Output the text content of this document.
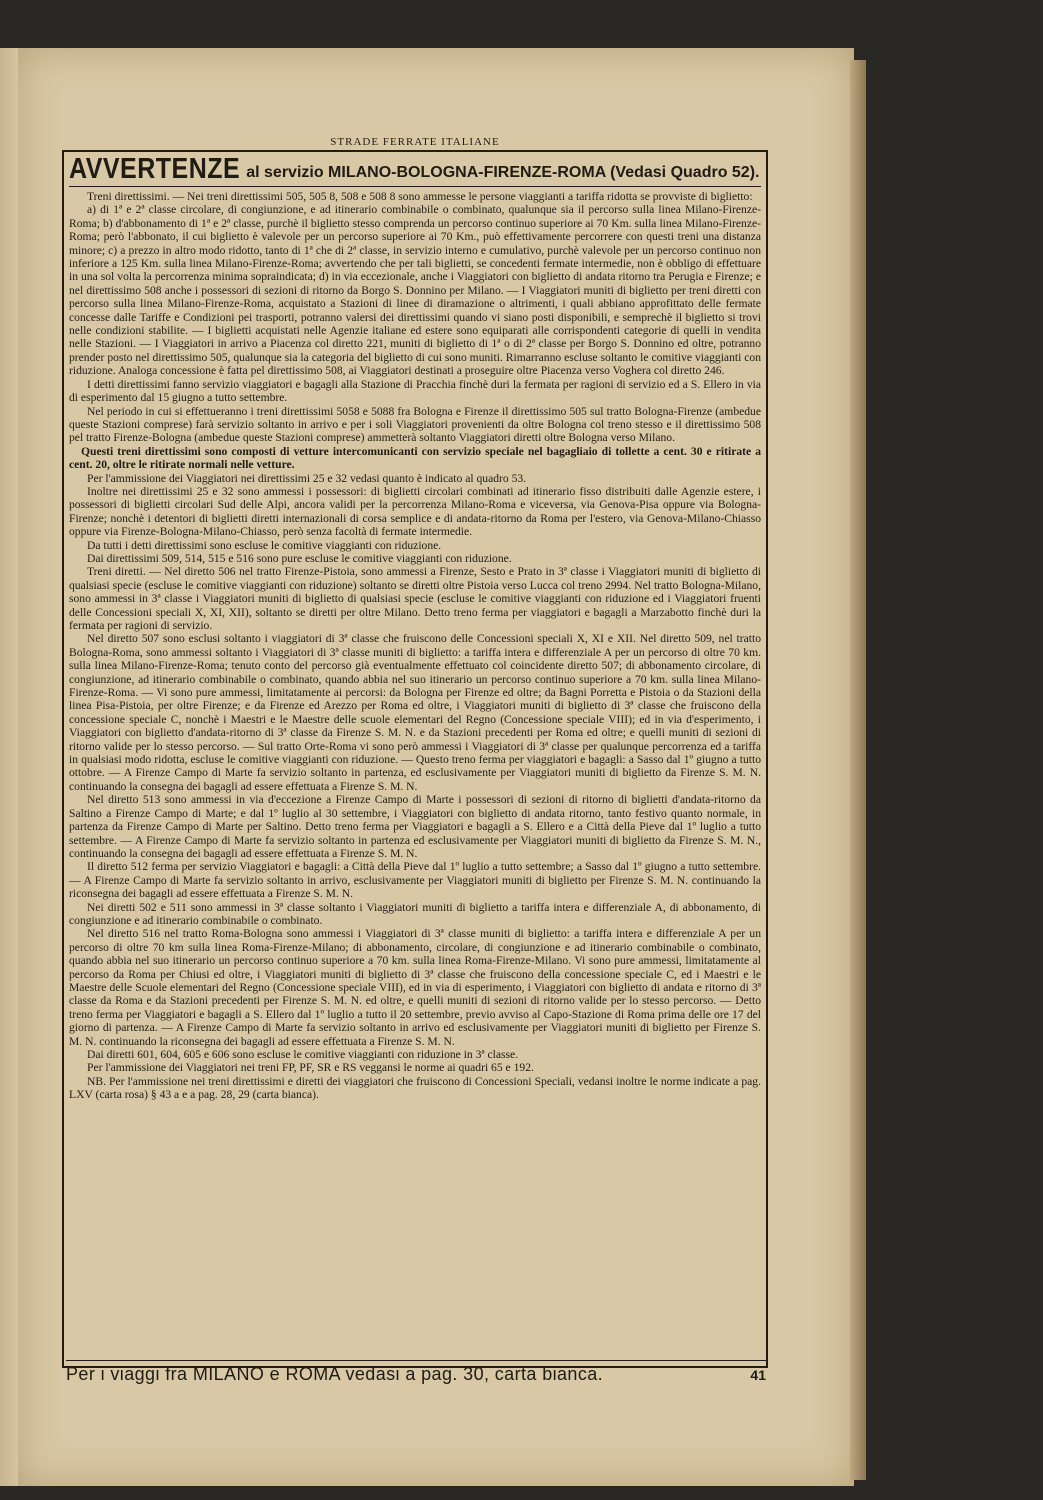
STRADE FERRATE ITALIANE
AVVERTENZE al servizio MILANO-BOLOGNA-FIRENZE-ROMA (Vedasi Quadro 52).

Treni direttissimi. — Nei treni direttissimi 505, 505 8, 508 e 508 8 sono ammesse le persone viaggianti a tariffa ridotta se provviste di biglietto:

a) di 1ª e 2ª classe circolare, di congiunzione, e ad itinerario combinabile o combinato, qualunque sia il percorso sulla linea Milano-Firenze-Roma; b) d'abbonamento di 1ª e 2ª classe, purchè il biglietto stesso comprenda un percorso continuo superiore ai 70 Km. sulla linea Milano-Firenze-Roma; però l'abbonato, il cui biglietto è valevole per un percorso superiore ai 70 Km., può effettivamente percorrere con questi treni una distanza minore; c) a prezzo in altro modo ridotto, tanto di 1ª che di 2ª classe, in servizio interno e cumulativo, purchè valevole per un percorso continuo non inferiore a 125 Km. sulla linea Milano-Firenze-Roma; avvertendo che per tali biglietti, se concedenti fermate intermedie, non è obbligo di effettuare in una sol volta la percorrenza minima sopraindicata; d) in via eccezionale, anche i Viaggiatori con biglietto di andata ritorno tra Perugia e Firenze; e nel direttissimo 508 anche i possessori di sezioni di ritorno da Borgo S. Donnino per Milano. — I Viaggiatori muniti di biglietto per treni diretti con percorso sulla linea Milano-Firenze-Roma, acquistato a Stazioni di linee di diramazione o altrimenti, i quali abbiano approfittato delle fermate concesse dalle Tariffe e Condizioni pei trasporti, potranno valersi dei direttissimi quando vi siano posti disponibili, e semprechè il biglietto si trovi nelle condizioni stabilite. — I biglietti acquistati nelle Agenzie italiane ed estere sono equiparati alle corrispondenti categorie di quelli in vendita nelle Stazioni. — I Viaggiatori in arrivo a Piacenza col diretto 221, muniti di biglietto di 1ª o di 2ª classe per Borgo S. Donnino ed oltre, potranno prender posto nel direttissimo 505, qualunque sia la categoria del biglietto di cui sono muniti. Rimarranno escluse soltanto le comitive viaggianti con riduzione. Analoga concessione è fatta pel direttissimo 508, ai Viaggiatori destinati a proseguire oltre Piacenza verso Voghera col diretto 246.

I detti direttissimi fanno servizio viaggiatori e bagagli alla Stazione di Pracchia finchè duri la fermata per ragioni di servizio ed a S. Ellero in via di esperimento dal 15 giugno a tutto settembre.

Nel periodo in cui si effettueranno i treni direttissimi 5058 e 5088 fra Bologna e Firenze il direttissimo 505 sul tratto Bologna-Firenze (ambedue queste Stazioni comprese) farà servizio soltanto in arrivo e per i soli Viaggiatori provenienti da oltre Bologna col treno stesso e il direttissimo 508 pel tratto Firenze-Bologna (ambedue queste Stazioni comprese) ammetterà soltanto Viaggiatori diretti oltre Bologna verso Milano.

Questi treni direttissimi sono composti di vetture intercomunicanti con servizio speciale nel bagagliaio di tollette a cent. 30 e ritirate a cent. 20, oltre le ritirate normali nelle vetture.

Per l'ammissione dei Viaggiatori nei direttissimi 25 e 32 vedasi quanto è indicato al quadro 53.

Inoltre nei direttissimi 25 e 32 sono ammessi i possessori: di biglietti circolari combinati ad itinerario fisso distribuiti dalle Agenzie estere, i possessori di biglietti circolari Sud delle Alpi, ancora validi per la percorrenza Milano-Roma e viceversa, via Genova-Pisa oppure via Bologna-Firenze; nonchè i detentori di biglietti diretti internazionali di corsa semplice e di andata-ritorno da Roma per l'estero, via Genova-Milano-Chiasso oppure via Firenze-Bologna-Milano-Chiasso, però senza facoltà di fermate intermedie.

Da tutti i detti direttissimi sono escluse le comitive viaggianti con riduzione.

Dai direttissimi 509, 514, 515 e 516 sono pure escluse le comitive viaggianti con riduzione.

Treni diretti. — Nel diretto 506 nel tratto Firenze-Pistoia, sono ammessi a Firenze, Sesto e Prato in 3ª classe i Viaggiatori muniti di biglietto di qualsiasi specie (escluse le comitive viaggianti con riduzione) soltanto se diretti oltre Pistoia verso Lucca col treno 2994. Nel tratto Bologna-Milano, sono ammessi in 3ª classe i Viaggiatori muniti di biglietto di qualsiasi specie (escluse le comitive viaggianti con riduzione ed i Viaggiatori fruenti delle Concessioni speciali X, XI, XII), soltanto se diretti per oltre Milano. Detto treno ferma per viaggiatori e bagagli a Marzabotto finchè duri la fermata per ragioni di servizio.

Nel diretto 507 sono esclusi soltanto i viaggiatori di 3ª classe che fruiscono delle Concessioni speciali X, XI e XII. Nel diretto 509, nel tratto Bologna-Roma, sono ammessi soltanto i Viaggiatori di 3ª classe muniti di biglietto: a tariffa intera e differenziale A per un percorso di oltre 70 km. sulla linea Milano-Firenze-Roma; tenuto conto del percorso già eventualmente effettuato col coincidente diretto 507; di abbonamento circolare, di congiunzione, ad itinerario combinabile o combinato, quando abbia nel suo itinerario un percorso continuo superiore a 70 km. sulla linea Milano-Firenze-Roma. — Vi sono pure ammessi, limitatamente ai percorsi: da Bologna per Firenze ed oltre; da Bagni Porretta e Pistoia o da Stazioni della linea Pisa-Pistoia, per oltre Firenze; e da Firenze ed Arezzo per Roma ed oltre, i Viaggiatori muniti di biglietto di 3ª classe che fruiscono della concessione speciale C, nonchè i Maestri e le Maestre delle scuole elementari del Regno (Concessione speciale VIII); ed in via d'esperimento, i Viaggiatori con biglietto d'andata-ritorno di 3ª classe da Firenze S. M. N. e da Stazioni precedenti per Roma ed oltre; e quelli muniti di sezioni di ritorno valide per lo stesso percorso. — Sul tratto Orte-Roma vi sono però ammessi i Viaggiatori di 3ª classe per qualunque percorrenza ed a tariffa in qualsiasi modo ridotta, escluse le comitive viaggianti con riduzione. — Questo treno ferma per viaggiatori e bagagli: a Sasso dal 1º giugno a tutto ottobre. — A Firenze Campo di Marte fa servizio soltanto in partenza, ed esclusivamente per Viaggiatori muniti di biglietto da Firenze S. M. N. continuando la consegna dei bagagli ad essere effettuata a Firenze S. M. N.

Nel diretto 513 sono ammessi in via d'eccezione a Firenze Campo di Marte i possessori di sezioni di ritorno di biglietti d'andata-ritorno da Saltino a Firenze Campo di Marte; e dal 1º luglio al 30 settembre, i Viaggiatori con biglietto di andata ritorno, tanto festivo quanto normale, in partenza da Firenze Campo di Marte per Saltino. Detto treno ferma per Viaggiatori e bagagli a S. Ellero e a Città della Pieve dal 1º luglio a tutto settembre. — A Firenze Campo di Marte fa servizio soltanto in partenza ed esclusivamente per Viaggiatori muniti di biglietto da Firenze S. M. N., continuando la consegna dei bagagli ad essere effettuata a Firenze S. M. N.

Il diretto 512 ferma per servizio Viaggiatori e bagagli: a Città della Pieve dal 1º luglio a tutto settembre; a Sasso dal 1º giugno a tutto settembre. — A Firenze Campo di Marte fa servizio soltanto in arrivo, esclusivamente per Viaggiatori muniti di biglietto per Firenze S. M. N. continuando la riconsegna dei bagagli ad essere effettuata a Firenze S. M. N.

Nei diretti 502 e 511 sono ammessi in 3ª classe soltanto i Viaggiatori muniti di biglietto a tariffa intera e differenziale A, di abbonamento, di congiunzione e ad itinerario combinabile o combinato.

Nel diretto 516 nel tratto Roma-Bologna sono ammessi i Viaggiatori di 3ª classe muniti di biglietto: a tariffa intera e differenziale A per un percorso di oltre 70 km sulla linea Roma-Firenze-Milano; di abbonamento, circolare, di congiunzione e ad itinerario combinabile o combinato, quando abbia nel suo itinerario un percorso continuo superiore a 70 km. sulla linea Roma-Firenze-Milano. Vi sono pure ammessi, limitatamente al percorso da Roma per Chiusi ed oltre, i Viaggiatori muniti di biglietto di 3ª classe che fruiscono della concessione speciale C, ed i Maestri e le Maestre delle Scuole elementari del Regno (Concessione speciale VIII), ed in via di esperimento, i Viaggiatori con biglietto di andata e ritorno di 3ª classe da Roma e da Stazioni precedenti per Firenze S. M. N. ed oltre, e quelli muniti di sezioni di ritorno valide per lo stesso percorso. — Detto treno ferma per Viaggiatori e bagagli a S. Ellero dal 1º luglio a tutto il 20 settembre, previo avviso al Capo-Stazione di Roma prima delle ore 17 del giorno di partenza. — A Firenze Campo di Marte fa servizio soltanto in arrivo ed esclusivamente per Viaggiatori muniti di biglietto per Firenze S. M. N. continuando la riconsegna dei bagagli ad essere effettuata a Firenze S. M. N.

Dai diretti 601, 604, 605 e 606 sono escluse le comitive viaggianti con riduzione in 3ª classe.

Per l'ammissione dei Viaggiatori nei treni FP, PF, SR e RS veggansi le norme ai quadri 65 e 192.

NB. Per l'ammissione nei treni direttissimi e diretti dei viaggiatori che fruiscono di Concessioni Speciali, vedansi inoltre le norme indicate a pag. LXV (carta rosa) § 43 a e a pag. 28, 29 (carta bianca).

Per i viaggi fra MILANO e ROMA vedasi a pag. 30, carta bianca.	41
